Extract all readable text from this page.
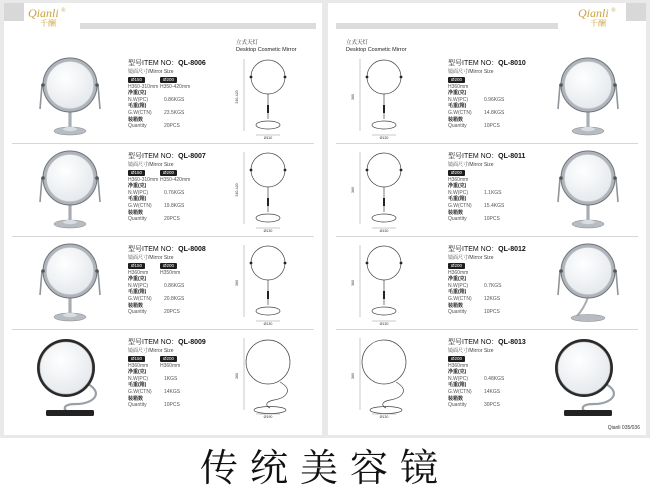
Qianli ®
千酬
立式天灯
Desktop Cosmetic Mirror
型号ITEM NO：QL-8006
镜面尺寸/Mirror Size
Ø150	Ø200
H360-310mm H350-420mm
净重(克)
N.W(PC)	0.86KGS
毛重(箱)
G.W(CTN) 23.5KGS
装箱数
Quantity	20PCS
310-420
Ø110
型号ITEM NO：QL-8007
镜面尺寸/Mirror Size
Ø150	Ø200
H360-310mm H350-420mm
净重(克)
N.W(PC)	0.76KGS
毛重(箱)
G.W(CTN) 19.8KGS
装箱数
Quantity	20PCS
310-420
Ø130
型号ITEM NO：QL-8008
镜面尺寸/Mirror Size
Ø150	Ø200
H360mm H350mm
净重(克)
N.W(PC)	0.86KGS
毛重(箱)
G.W(CTN) 20.8KGS
装箱数
Quantity	20PCS
360
Ø130
型号ITEM NO：QL-8009
镜面尺寸/Mirror Size
Ø150	Ø200
H360mm H360mm
净重(克)
N.W(PC)	1KGS
毛重(箱)
G.W(CTN) 14KGS
装箱数
Quantity	10PCS
360
Ø190
Qianli ®
千酬
立式天灯
Desktop Cosmetic Mirror
型号ITEM NO：QL-8010
镜面尺寸/Mirror Size
Ø200
H360mm
净重(克)
N.W(PC)	0.96KGS
毛重(箱)
G.W(CTN) 14.8KGS
装箱数
Quantity	10PCS
360
Ø130
型号ITEM NO：QL-8011
镜面尺寸/Mirror Size
Ø200
H360mm
净重(克)
N.W(PC)	1.1KGS
毛重(箱)
G.W(CTN) 15.4KGS
装箱数
Quantity	10PCS
360
Ø130
型号ITEM NO：QL-8012
镜面尺寸/Mirror Size
Ø200
H360mm
净重(克)
N.W(PC)	0.7KGS
毛重(箱)
G.W(CTN) 12KGS
装箱数
Quantity	10PCS
360
Ø130
型号ITEM NO：QL-8013
镜面尺寸/Mirror Size
Ø200
H360mm
净重(克)
N.W(PC)	0.48KGS
毛重(箱)
G.W(CTN) 14KGS
装箱数
Quantity	30PCS
360
Ø130
Qianli 035/036
传统美容镜
